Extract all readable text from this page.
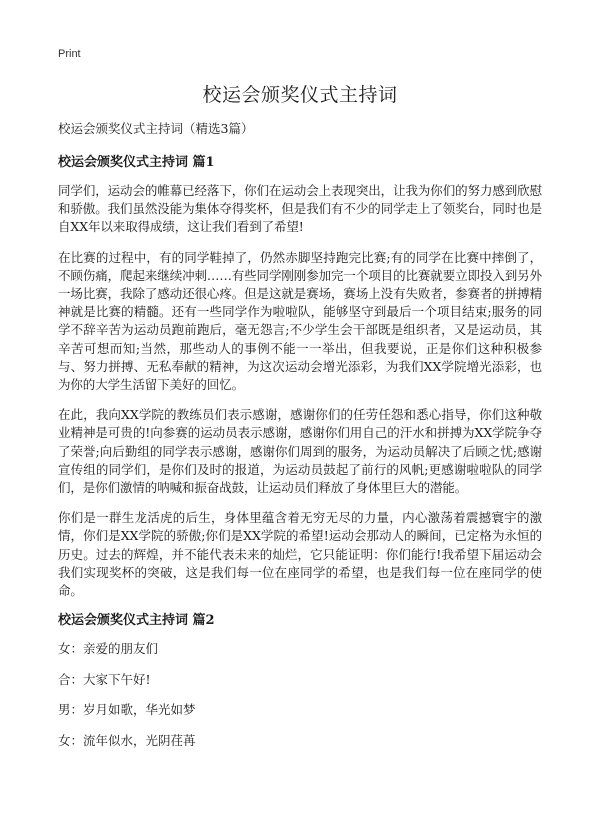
Print
校运会颁奖仪式主持词

校运会颁奖仪式主持词（精选3篇）

校运会颁奖仪式主持词 篇1

同学们，运动会的帷幕已经落下，你们在运动会上表现突出，让我为你们的努力感到欣慰和骄傲。我们虽然没能为集体夺得奖杯，但是我们有不少的同学走上了领奖台，同时也是自XX年以来取得成绩，这让我们看到了希望!

在比赛的过程中，有的同学鞋掉了，仍然赤脚坚持跑完比赛;有的同学在比赛中摔倒了，不顾伤痛，爬起来继续冲刺……有些同学刚刚参加完一个项目的比赛就要立即投入到另外一场比赛，我除了感动还很心疼。但是这就是赛场，赛场上没有失败者，参赛者的拼搏精神就是比赛的精髓。还有一些同学作为啦啦队，能够坚守到最后一个项目结束;服务的同学不辞辛苦为运动员跑前跑后，毫无怨言;不少学生会干部既是组织者，又是运动员，其辛苦可想而知;当然，那些动人的事例不能一一举出，但我要说，正是你们这种积极参与、努力拼搏、无私奉献的精神，为这次运动会增光添彩，为我们XX学院增光添彩，也为你的大学生活留下美好的回忆。

在此，我向XX学院的教练员们表示感谢，感谢你们的任劳任怨和悉心指导，你们这种敬业精神是可贵的!向参赛的运动员表示感谢，感谢你们用自己的汗水和拼搏为XX学院争夺了荣誉;向后勤组的同学表示感谢，感谢你们周到的服务，为运动员解决了后顾之忧;感谢宣传组的同学们，是你们及时的报道，为运动员鼓起了前行的风帆;更感谢啦啦队的同学们，是你们激情的呐喊和振奋战鼓，让运动员们释放了身体里巨大的潜能。

你们是一群生龙活虎的后生，身体里蕴含着无穷无尽的力量，内心激荡着震撼寰宇的激情，你们是XX学院的骄傲;你们是XX学院的希望!运动会那动人的瞬间，已定格为永恒的历史。过去的辉煌，并不能代表未来的灿烂，它只能证明：你们能行!我希望下届运动会我们实现奖杯的突破，这是我们每一位在座同学的希望，也是我们每一位在座同学的使命。

校运会颁奖仪式主持词 篇2

女：亲爱的朋友们

合：大家下午好!

男：岁月如歌，华光如梦

女：流年似水，光阴荏苒
